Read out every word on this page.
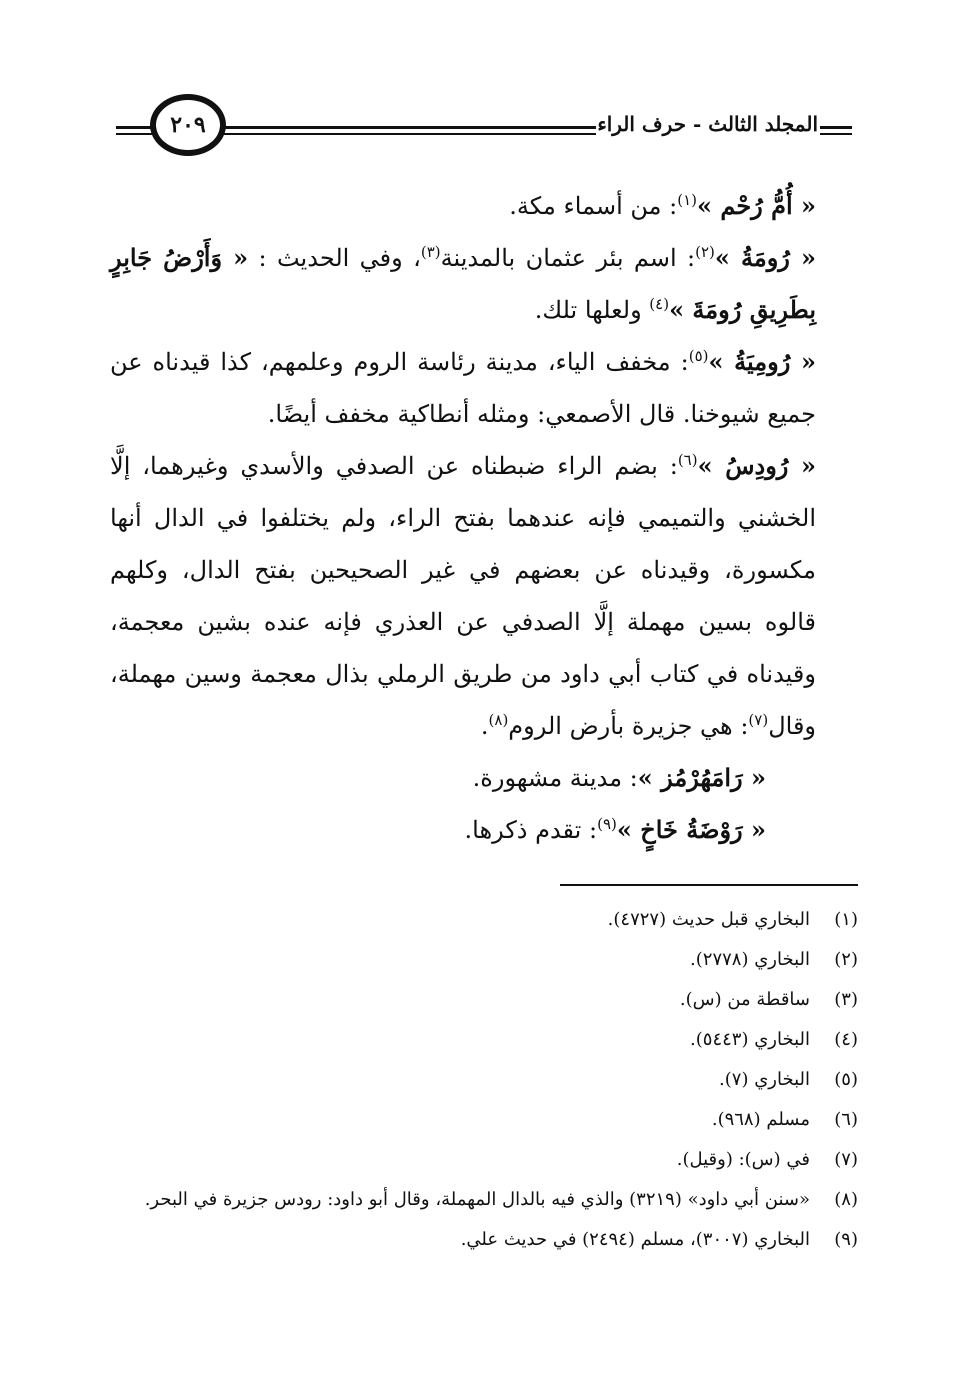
٢٠٩	المجلد الثالث - حرف الراء

« أُمُّ رُحْم »$^{(١)}$: من أسماء مكة.

« رُومَةُ »$^{(٢)}$: اسم بئر عثمان بالمدينة$^{(٣)}$، وفي الحديث : « وَأَرْضُ جَابِرٍ بِطَرِيقِ رُومَةَ »$^{(٤)}$ ولعلها تلك.

« رُومِيَةُ »$^{(٥)}$: مخفف الياء، مدينة رئاسة الروم وعلمهم، كذا قيدناه عن جميع شيوخنا. قال الأصمعي: ومثله أنطاكية مخفف أيضًا.

« رُودِسُ »$^{(٦)}$: بضم الراء ضبطناه عن الصدفي والأسدي وغيرهما، إلَّا الخشني والتميمي فإنه عندهما بفتح الراء، ولم يختلفوا في الدال أنها مكسورة، وقيدناه عن بعضهم في غير الصحيحين بفتح الدال، وكلهم قالوه بسين مهملة إلَّا الصدفي عن العذري فإنه عنده بشين معجمة، وقيدناه في كتاب أبي داود من طريق الرملي بذال معجمة وسين مهملة، وقال$^{(٧)}$: هي جزيرة بأرض الروم$^{(٨)}$.

« رَامَهُرْمُز »: مدينة مشهورة.

« رَوْضَةُ خَاخٍ »$^{(٩)}$: تقدم ذكرها.

(١)
البخاري قبل حديث (٤٧٢٧).
(٢)
البخاري (٢٧٧٨).
(٣)
ساقطة من (س).
(٤)
البخاري (٥٤٤٣).
(٥)
البخاري (٧).
(٦)
مسلم (٩٦٨).
(٧)
في (س): (وقيل).
(٨)
«سنن أبي داود» (٣٢١٩) والذي فيه بالدال المهملة، وقال أبو داود: رودس جزيرة في البحر.
(٩)
البخاري (٣٠٠٧)، مسلم (٢٤٩٤) في حديث علي.
